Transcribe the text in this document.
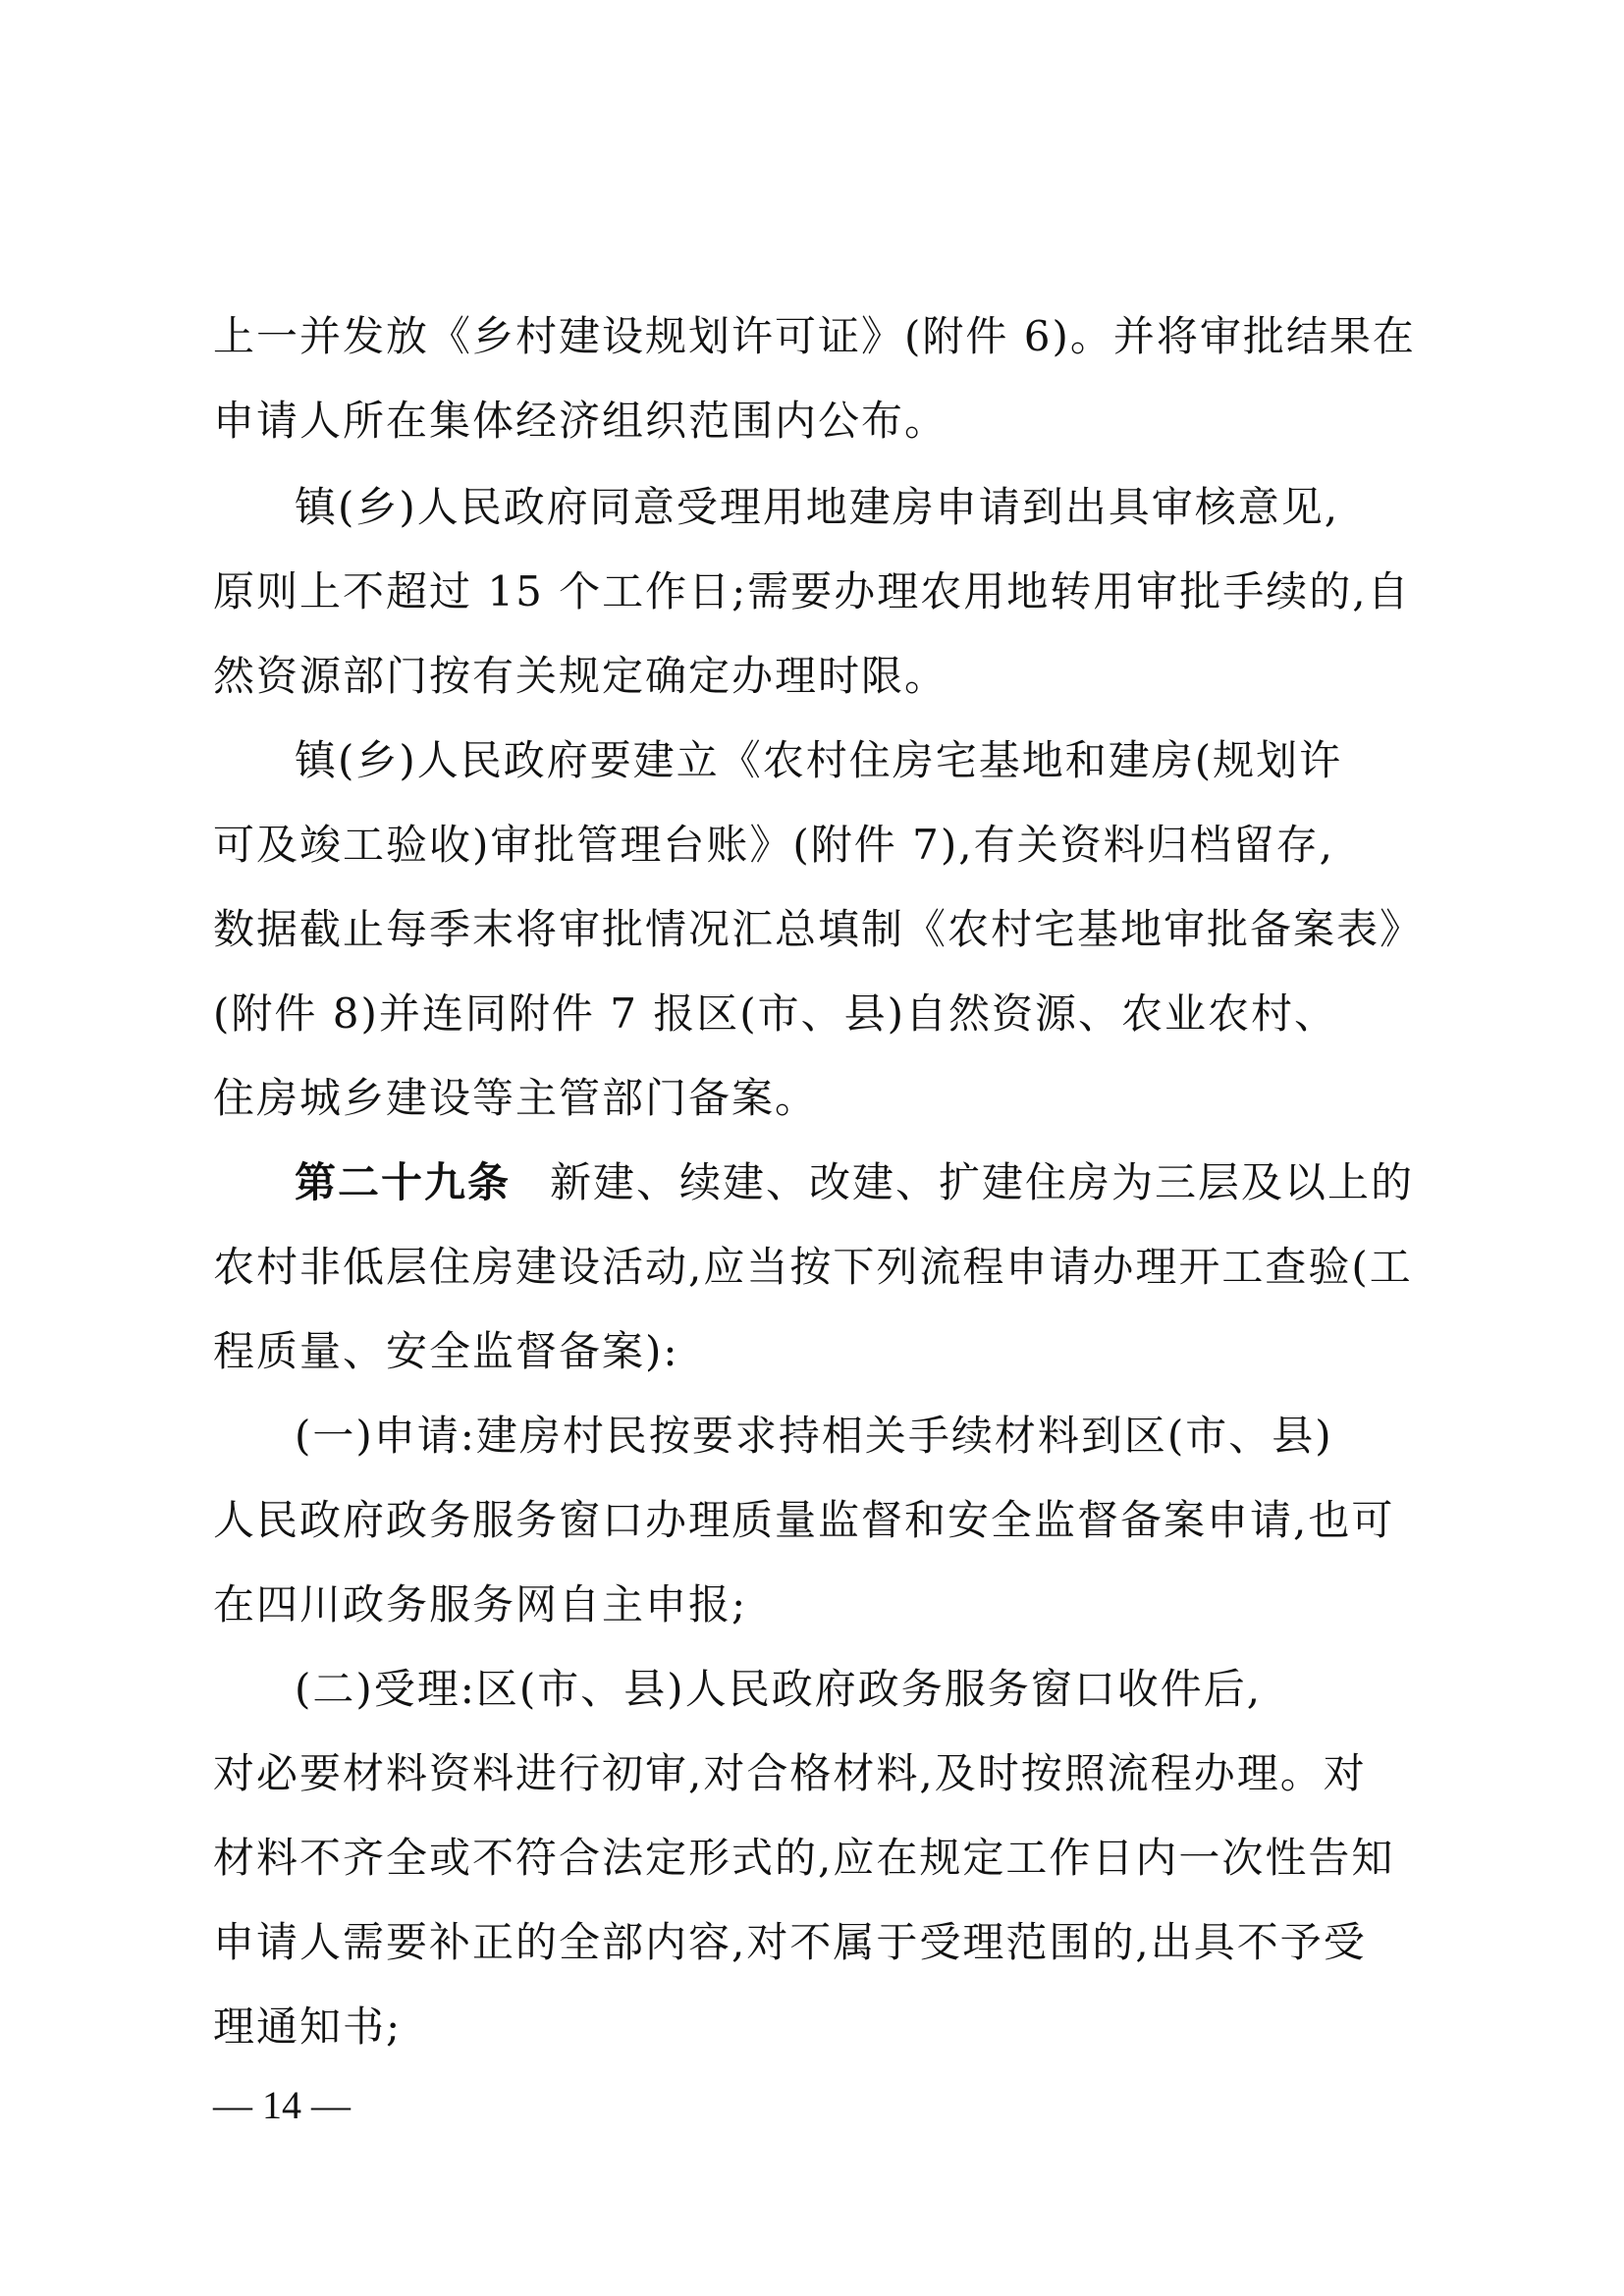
上一并发放《乡村建设规划许可证》(附件 6)。并将审批结果在
申请人所在集体经济组织范围内公布。
镇(乡)人民政府同意受理用地建房申请到出具审核意见,
原则上不超过 15 个工作日;需要办理农用地转用审批手续的,自
然资源部门按有关规定确定办理时限。
镇(乡)人民政府要建立《农村住房宅基地和建房(规划许
可及竣工验收)审批管理台账》(附件 7),有关资料归档留存,
数据截止每季末将审批情况汇总填制《农村宅基地审批备案表》
(附件 8)并连同附件 7 报区(市、县)自然资源、农业农村、
住房城乡建设等主管部门备案。
第二十九条 新建、续建、改建、扩建住房为三层及以上的
农村非低层住房建设活动,应当按下列流程申请办理开工查验(工
程质量、安全监督备案):
(一)申请:建房村民按要求持相关手续材料到区(市、县)
人民政府政务服务窗口办理质量监督和安全监督备案申请,也可
在四川政务服务网自主申报;
(二)受理:区(市、县)人民政府政务服务窗口收件后,
对必要材料资料进行初审,对合格材料,及时按照流程办理。对
材料不齐全或不符合法定形式的,应在规定工作日内一次性告知
申请人需要补正的全部内容,对不属于受理范围的,出具不予受
理通知书;
— 14 —
